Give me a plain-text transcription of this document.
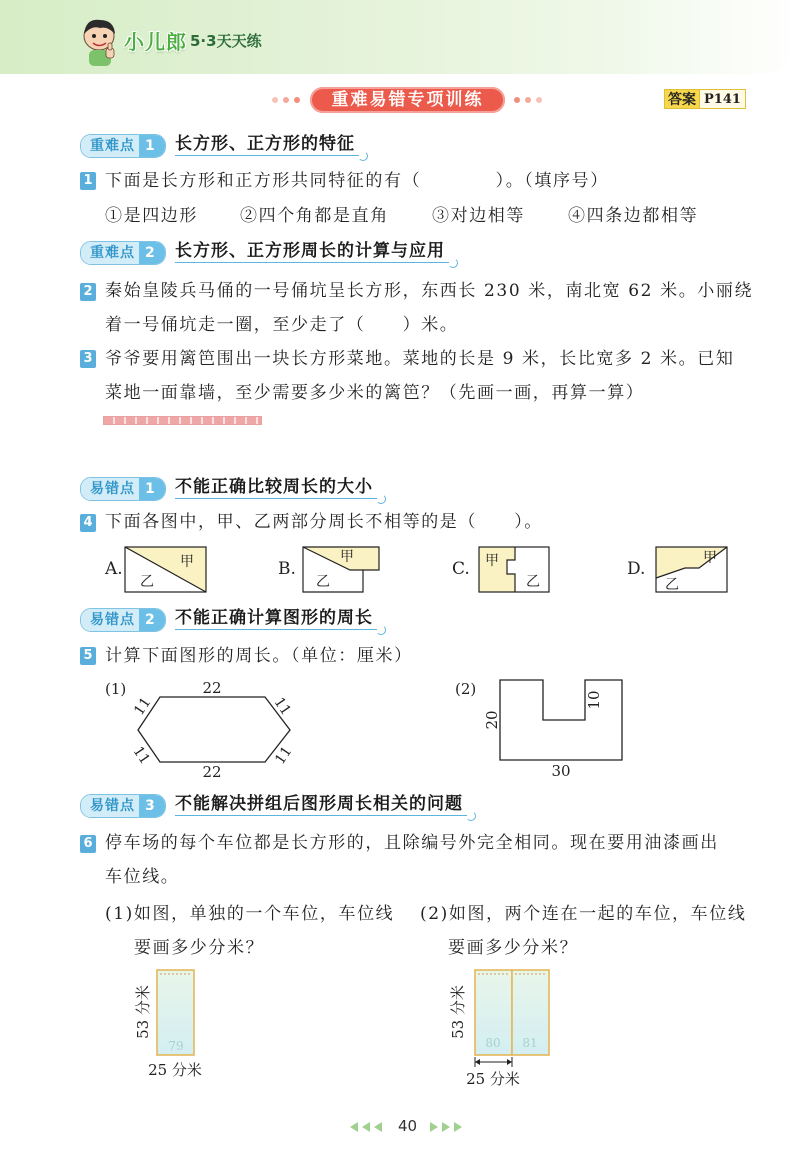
小儿郎 5·3天天练
重难易错专项训练	答案 P141
重难点 1	长方形、正方形的特征
1 下面是长方形和正方形共同特征的有（　　　　）。（填序号）
①是四边形 ②四个角都是直角	③对边相等	④四条边都相等
重难点 2	长方形、正方形周长的计算与应用
2 秦始皇陵兵马俑的一号俑坑呈长方形，东西长 230 米，南北宽 62 米。小丽绕
着一号俑坑走一圈，至少走了（　　）米。
3 爷爷要用篱笆围出一块长方形菜地。菜地的长是 9 米，长比宽多 2 米。已知
菜地一面靠墙，至少需要多少米的篱笆？（先画一画，再算一算）
易错点 1	不能正确比较周长的大小
4 下面各图中，甲、乙两部分周长不相等的是（　　）。
A.	甲
乙
B.
甲
乙
C. 甲
乙
D.
甲
乙
易错点 2	不能正确计算图形的周长
5 计算下面图形的周长。（单位：厘米）
(1)	22
22
11	11
11	11
(2)
20
10
30
易错点 3	不能解决拼组后图形周长相关的问题
6 停车场的每个车位都是长方形的，且除编号外完全相同。现在要用油漆画出
车位线。
(1)如图，单独的一个车位，车位线
要画多少分米？
(2)如图，两个连在一起的车位，车位线
要画多少分米？
79
53 分米
25 分米
80 81
53 分米
25 分米
40
